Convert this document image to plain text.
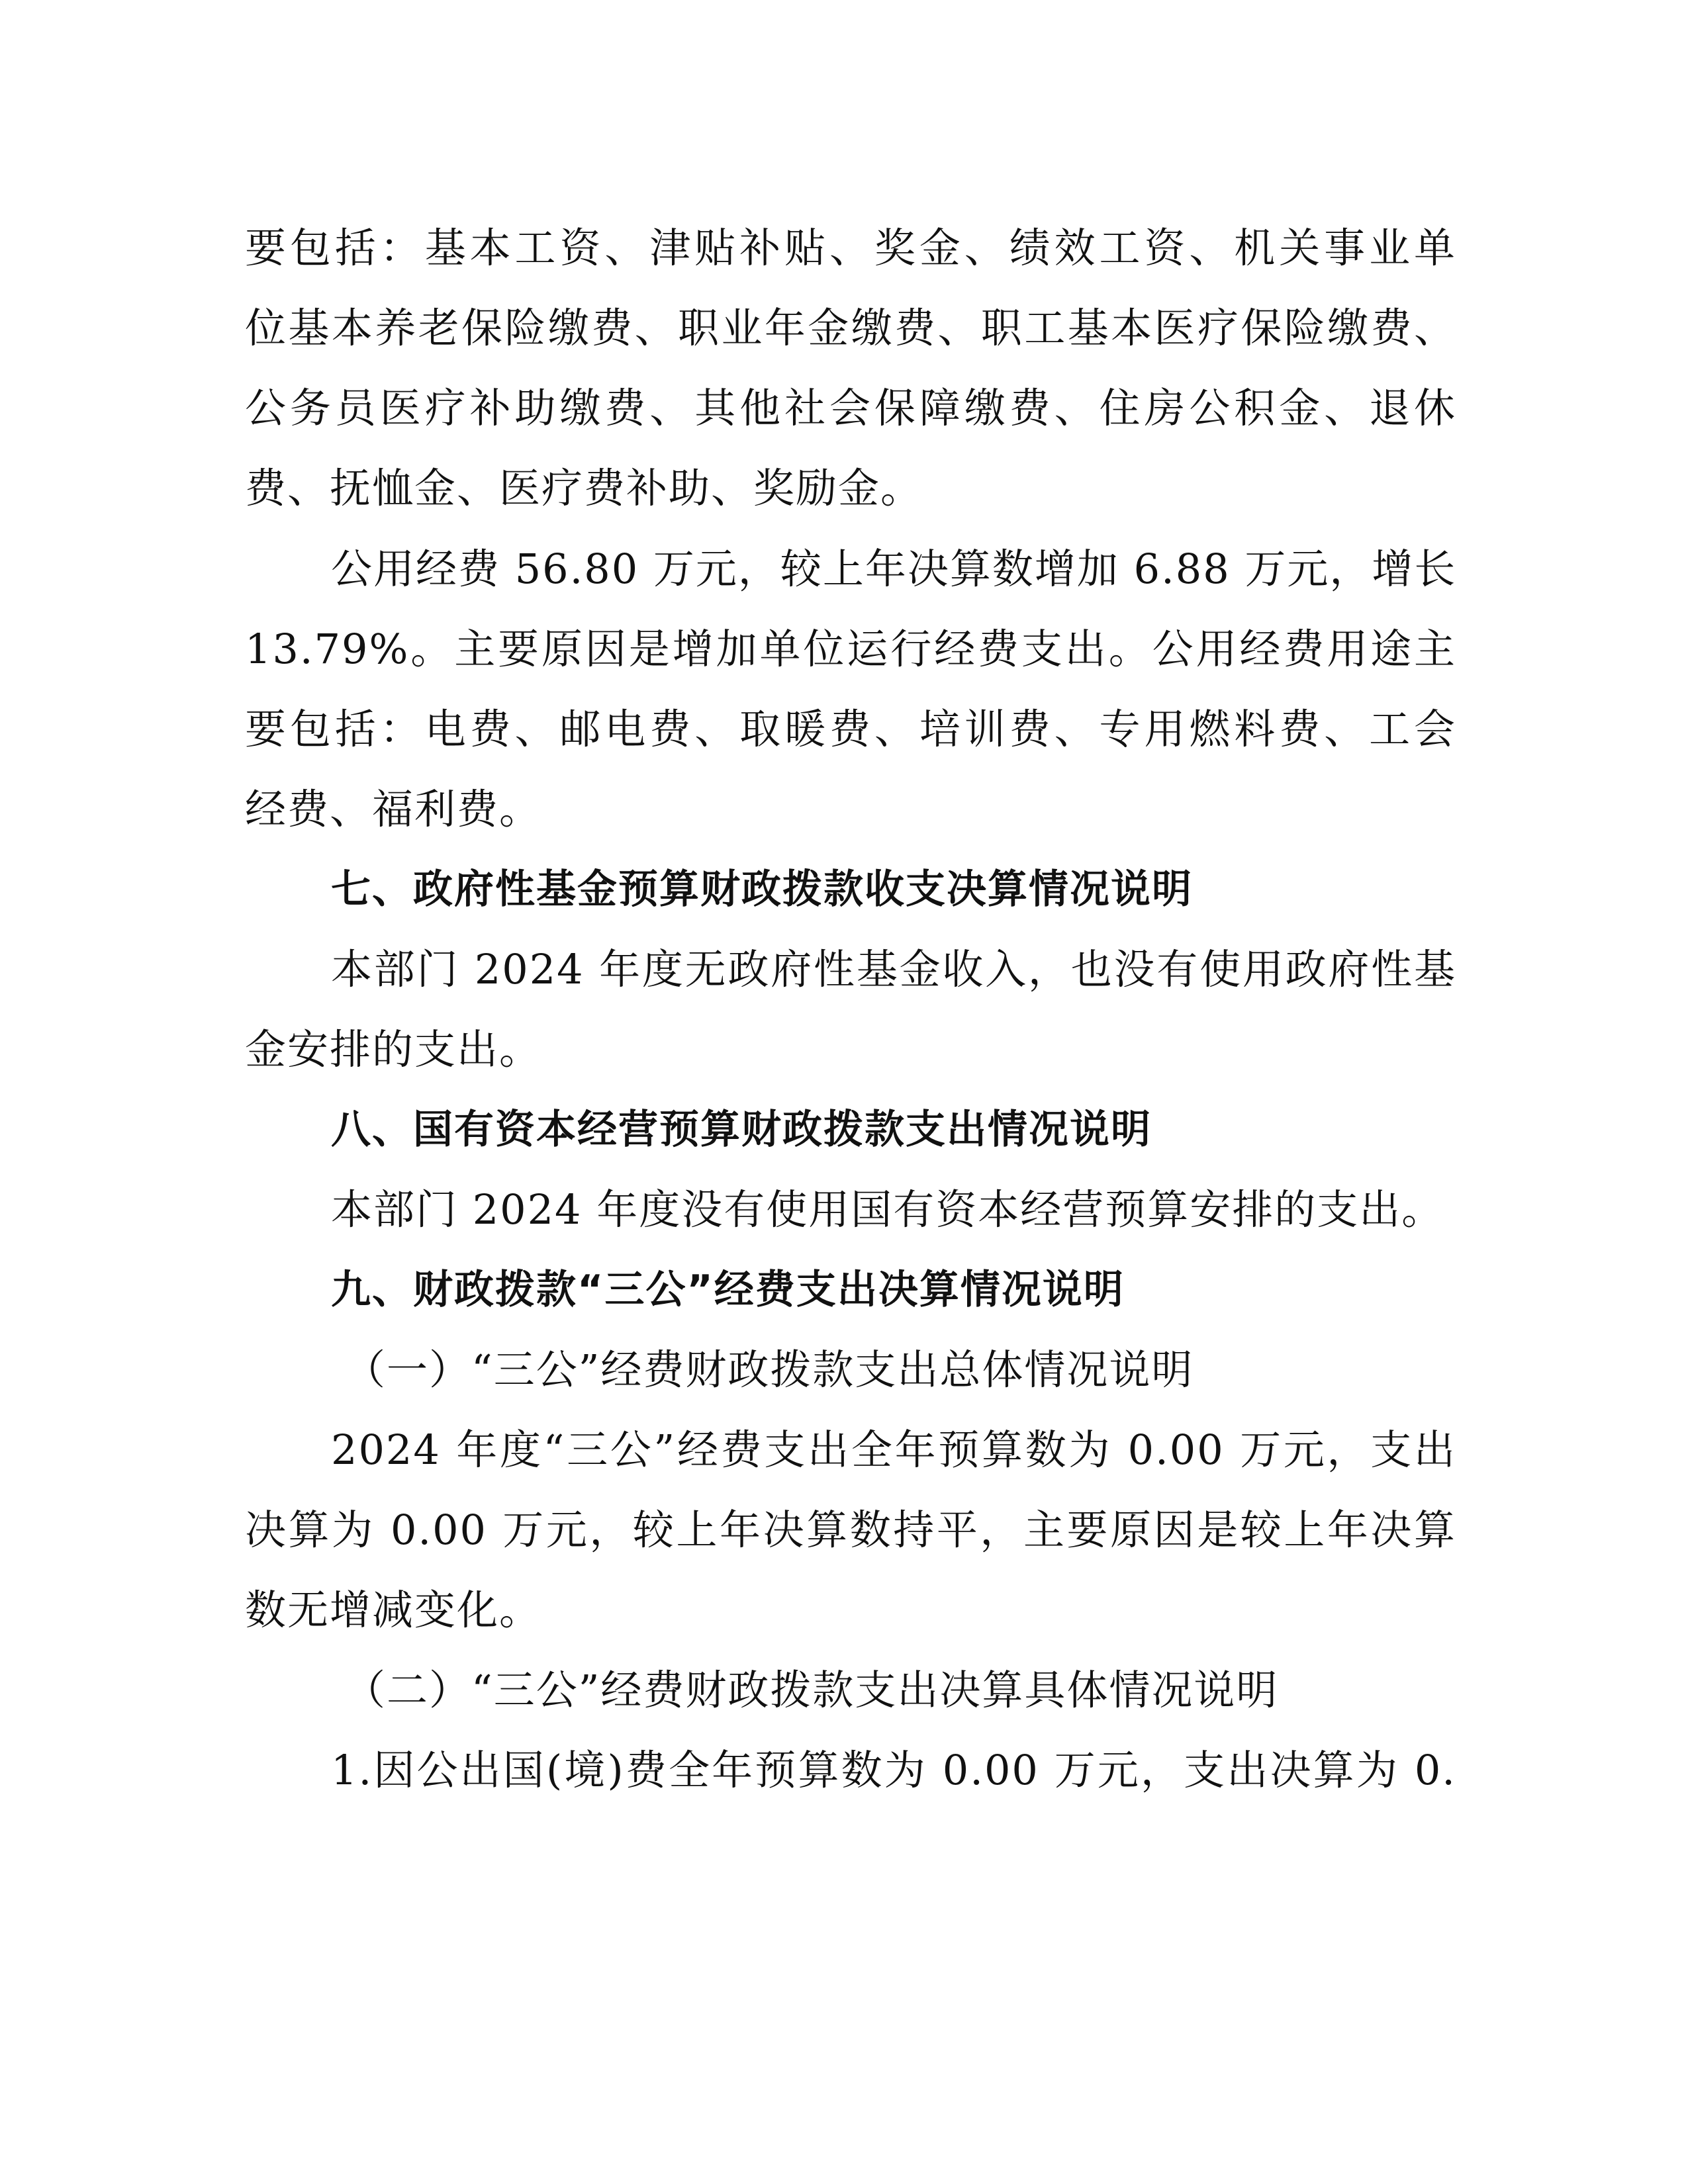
要包括：基本工资、津贴补贴、奖金、绩效工资、机关事业单
位基本养老保险缴费、职业年金缴费、职工基本医疗保险缴费、
公务员医疗补助缴费、其他社会保障缴费、住房公积金、退休
费、抚恤金、医疗费补助、奖励金。
公用经费 56.80 万元，较上年决算数增加 6.88 万元，增长
13.79%。主要原因是增加单位运行经费支出。公用经费用途主
要包括：电费、邮电费、取暖费、培训费、专用燃料费、工会
经费、福利费。
七、政府性基金预算财政拨款收支决算情况说明
本部门 2024 年度无政府性基金收入，也没有使用政府性基
金安排的支出。
八、国有资本经营预算财政拨款支出情况说明
本部门 2024 年度没有使用国有资本经营预算安排的支出。
九、财政拨款“三公”经费支出决算情况说明
（一）“三公”经费财政拨款支出总体情况说明
2024 年度“三公”经费支出全年预算数为 0.00 万元，支出
决算为 0.00 万元，较上年决算数持平，主要原因是较上年决算
数无增减变化。
（二）“三公”经费财政拨款支出决算具体情况说明
1.因公出国(境)费全年预算数为 0.00 万元，支出决算为 0.
